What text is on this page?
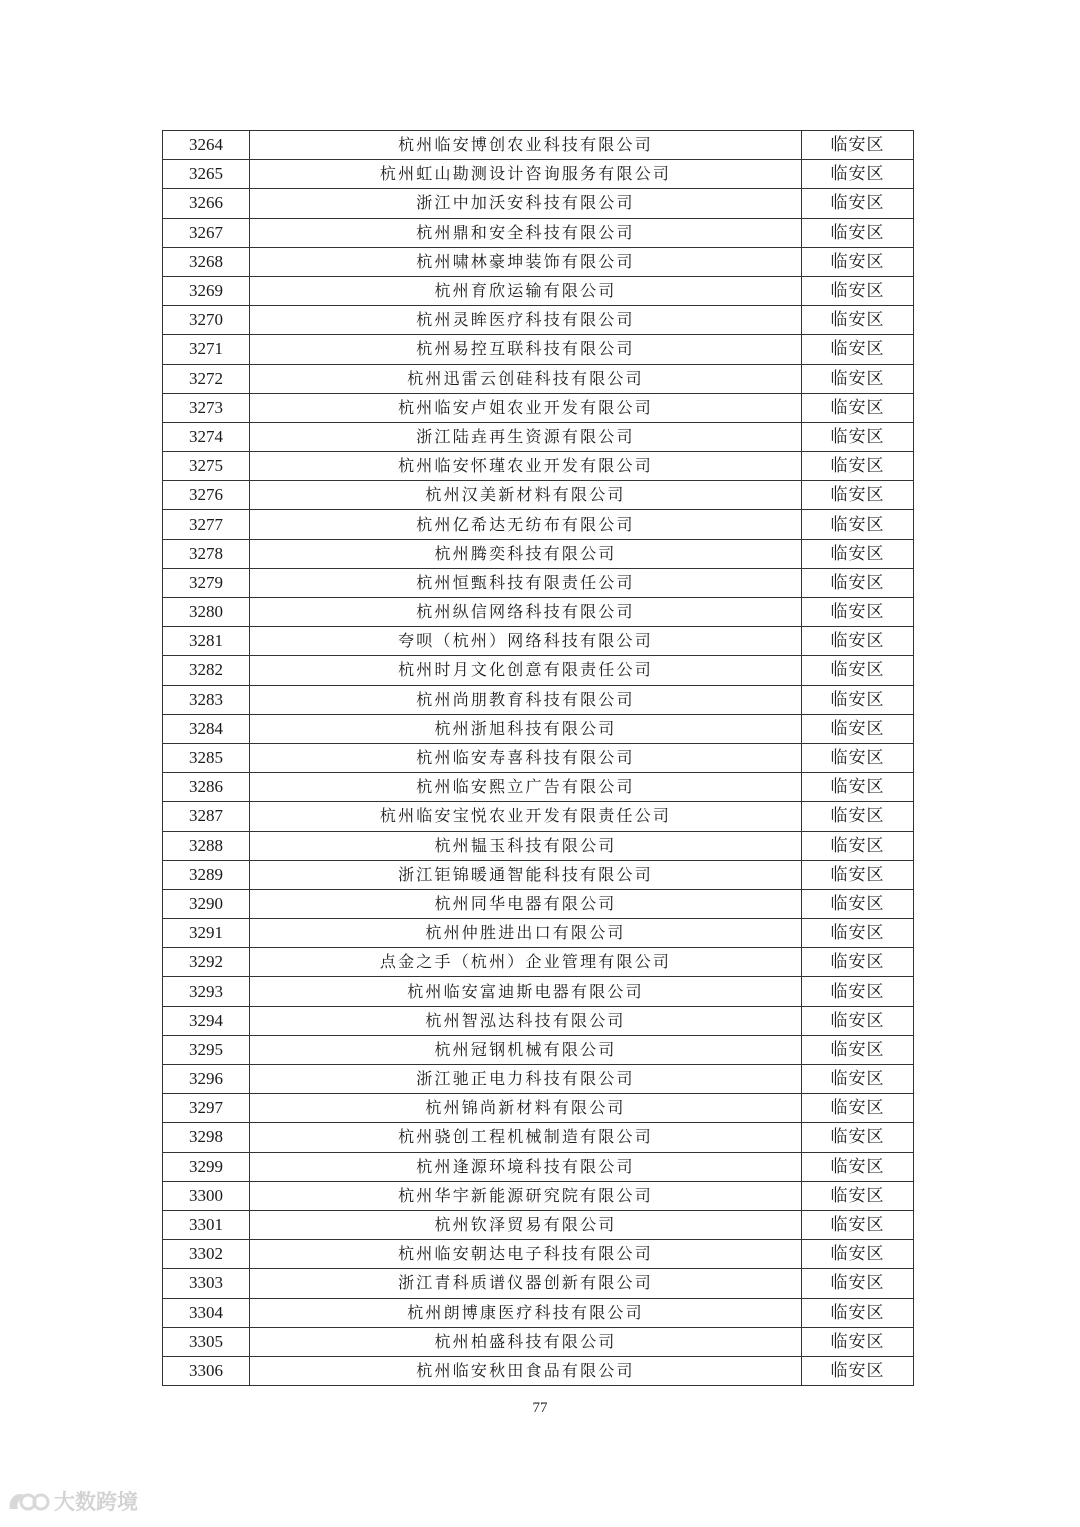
3264	杭州临安博创农业科技有限公司	临安区
3265	杭州虹山勘测设计咨询服务有限公司	临安区
3266	浙江中加沃安科技有限公司	临安区
3267	杭州鼎和安全科技有限公司	临安区
3268	杭州啸林豪坤装饰有限公司	临安区
3269	杭州育欣运输有限公司	临安区
3270	杭州灵眸医疗科技有限公司	临安区
3271	杭州易控互联科技有限公司	临安区
3272	杭州迅雷云创硅科技有限公司	临安区
3273	杭州临安卢姐农业开发有限公司	临安区
3274	浙江陆垚再生资源有限公司	临安区
3275	杭州临安怀瑾农业开发有限公司	临安区
3276	杭州汉美新材料有限公司	临安区
3277	杭州亿希达无纺布有限公司	临安区
3278	杭州腾奕科技有限公司	临安区
3279	杭州恒甄科技有限责任公司	临安区
3280	杭州纵信网络科技有限公司	临安区
3281	夸呗（杭州）网络科技有限公司	临安区
3282	杭州时月文化创意有限责任公司	临安区
3283	杭州尚朋教育科技有限公司	临安区
3284	杭州浙旭科技有限公司	临安区
3285	杭州临安寿喜科技有限公司	临安区
3286	杭州临安熙立广告有限公司	临安区
3287	杭州临安宝悦农业开发有限责任公司	临安区
3288	杭州韫玉科技有限公司	临安区
3289	浙江钜锦暖通智能科技有限公司	临安区
3290	杭州同华电器有限公司	临安区
3291	杭州仲胜进出口有限公司	临安区
3292	点金之手（杭州）企业管理有限公司	临安区
3293	杭州临安富迪斯电器有限公司	临安区
3294	杭州智泓达科技有限公司	临安区
3295	杭州冠钢机械有限公司	临安区
3296	浙江驰正电力科技有限公司	临安区
3297	杭州锦尚新材料有限公司	临安区
3298	杭州骁创工程机械制造有限公司	临安区
3299	杭州逢源环境科技有限公司	临安区
3300	杭州华宇新能源研究院有限公司	临安区
3301	杭州钦泽贸易有限公司	临安区
3302	杭州临安朝达电子科技有限公司	临安区
3303	浙江青科质谱仪器创新有限公司	临安区
3304	杭州朗博康医疗科技有限公司	临安区
3305	杭州柏盛科技有限公司	临安区
3306	杭州临安秋田食品有限公司	临安区
77
大数跨境
